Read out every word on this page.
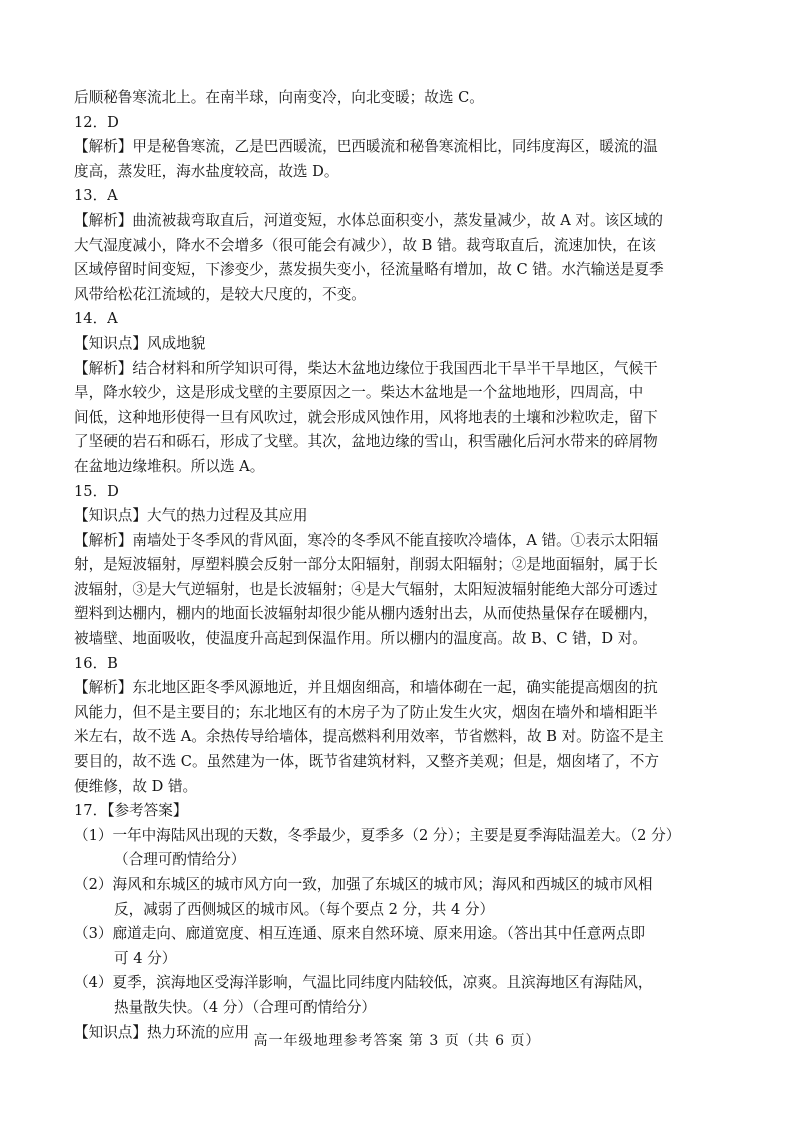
后顺秘鲁寒流北上。在南半球，向南变冷，向北变暖；故选 C。

12．D

【解析】甲是秘鲁寒流，乙是巴西暖流，巴西暖流和秘鲁寒流相比，同纬度海区，暖流的温

度高，蒸发旺，海水盐度较高，故选 D。

13．A

【解析】曲流被裁弯取直后，河道变短，水体总面积变小，蒸发量减少，故 A 对。该区域的

大气湿度减小，降水不会增多（很可能会有减少），故 B 错。裁弯取直后，流速加快，在该

区域停留时间变短，下渗变少，蒸发损失变小，径流量略有增加，故 C 错。水汽输送是夏季

风带给松花江流域的，是较大尺度的，不变。

14．A

【知识点】风成地貌

【解析】结合材料和所学知识可得，柴达木盆地边缘位于我国西北干旱半干旱地区，气候干

旱，降水较少，这是形成戈壁的主要原因之一。柴达木盆地是一个盆地地形，四周高，中

间低，这种地形使得一旦有风吹过，就会形成风蚀作用，风将地表的土壤和沙粒吹走，留下

了坚硬的岩石和砾石，形成了戈壁。其次，盆地边缘的雪山，积雪融化后河水带来的碎屑物

在盆地边缘堆积。所以选 A。

15．D

【知识点】大气的热力过程及其应用

【解析】南墙处于冬季风的背风面，寒冷的冬季风不能直接吹冷墙体，A 错。①表示太阳辐

射，是短波辐射，厚塑料膜会反射一部分太阳辐射，削弱太阳辐射；②是地面辐射，属于长

波辐射，③是大气逆辐射，也是长波辐射；④是大气辐射，太阳短波辐射能绝大部分可透过

塑料到达棚内，棚内的地面长波辐射却很少能从棚内透射出去，从而使热量保存在暖棚内，

被墙壁、地面吸收，使温度升高起到保温作用。所以棚内的温度高。故 B、C 错，D 对。

16．B

【解析】东北地区距冬季风源地近，并且烟囱细高，和墙体砌在一起，确实能提高烟囱的抗

风能力，但不是主要目的；东北地区有的木房子为了防止发生火灾，烟囱在墙外和墙相距半

米左右，故不选 A。余热传导给墙体，提高燃料利用效率，节省燃料，故 B 对。防盗不是主

要目的，故不选 C。虽然建为一体，既节省建筑材料，又整齐美观；但是，烟囱堵了，不方

便维修，故 D 错。

17．【参考答案】

（1）一年中海陆风出现的天数，冬季最少，夏季多（2 分）；主要是夏季海陆温差大。（2 分）

（合理可酌情给分）

（2）海风和东城区的城市风方向一致，加强了东城区的城市风；海风和西城区的城市风相

反，减弱了西侧城区的城市风。（每个要点 2 分，共 4 分）

（3）廊道走向、廊道宽度、相互连通、原来自然环境、原来用途。（答出其中任意两点即

可 4 分）

（4）夏季，滨海地区受海洋影响，气温比同纬度内陆较低，凉爽。且滨海地区有海陆风，

热量散失快。（4 分）（合理可酌情给分）

【知识点】热力环流的应用

高一年级地理参考答案 第 3 页（共 6 页）
